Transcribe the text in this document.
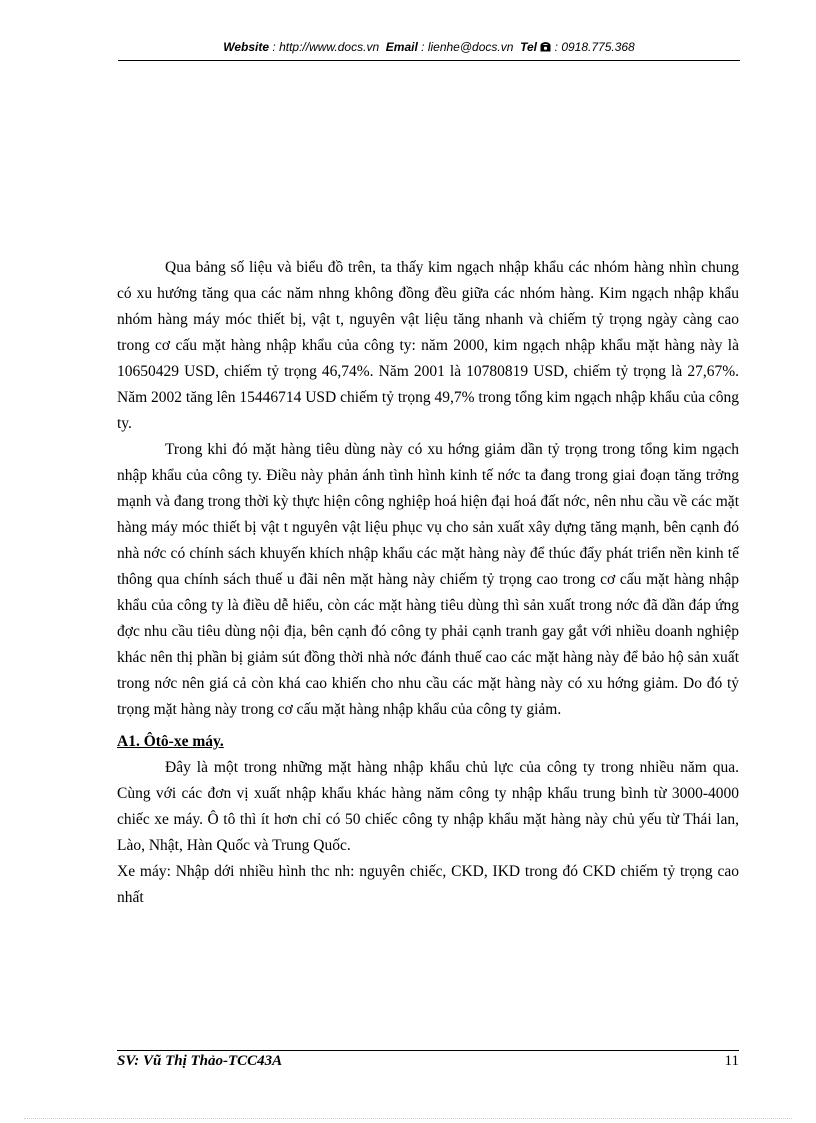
Website : http://www.docs.vn Email : lienhe@docs.vn Tel : 0918.775.368

Qua bảng số liệu và biểu đồ trên, ta thấy kim ngạch nhập khẩu các nhóm hàng nhìn chung có xu hướng tăng qua các năm nhng không đồng đều giữa các nhóm hàng. Kim ngạch nhập khẩu nhóm hàng máy móc thiết bị, vật t, nguyên vật liệu tăng nhanh và chiếm tỷ trọng ngày càng cao trong cơ cấu mặt hàng nhập khẩu của công ty: năm 2000, kim ngạch nhập khẩu mặt hàng này là 10650429 USD, chiếm tỷ trọng 46,74%. Năm 2001 là 10780819 USD, chiếm tỷ trọng là 27,67%. Năm 2002 tăng lên 15446714 USD chiếm tỷ trọng 49,7% trong tổng kim ngạch nhập khẩu của công ty.

Trong khi đó mặt hàng tiêu dùng này có xu hớng giảm dần tỷ trọng trong tổng kim ngạch nhập khẩu của công ty. Điều này phản ánh tình hình kinh tế nớc ta đang trong giai đoạn tăng trởng mạnh và đang trong thời kỳ thực hiện công nghiệp hoá hiện đại hoá đất nớc, nên nhu cầu về các mặt hàng máy móc thiết bị vật t nguyên vật liệu phục vụ cho sản xuất xây dựng tăng mạnh, bên cạnh đó nhà nớc có chính sách khuyến khích nhập khẩu các mặt hàng này để thúc đẩy phát triển nền kinh tế thông qua chính sách thuế u đãi nên mặt hàng này chiếm tỷ trọng cao trong cơ cấu mặt hàng nhập khẩu của công ty là điều dễ hiểu, còn các mặt hàng tiêu dùng thì sản xuất trong nớc đã dần đáp ứng đợc nhu cầu tiêu dùng nội địa, bên cạnh đó công ty phải cạnh tranh gay gắt với nhiều doanh nghiệp khác nên thị phần bị giảm sút đồng thời nhà nớc đánh thuế cao các mặt hàng này để bảo hộ sản xuất trong nớc nên giá cả còn khá cao khiến cho nhu cầu các mặt hàng này có xu hớng giảm. Do đó tỷ trọng mặt hàng này trong cơ cấu mặt hàng nhập khẩu của công ty giảm.

A1. Ôtô-xe máy.

Đây là một trong những mặt hàng nhập khẩu chủ lực của công ty trong nhiều năm qua. Cùng với các đơn vị xuất nhập khẩu khác hàng năm công ty nhập khẩu trung bình từ 3000-4000 chiếc xe máy. Ô tô thì ít hơn chỉ có 50 chiếc công ty nhập khẩu mặt hàng này chủ yếu từ Thái lan, Lào, Nhật, Hàn Quốc và Trung Quốc.

Xe máy: Nhập dới nhiều hình thc nh: nguyên chiếc, CKD, IKD trong đó CKD chiếm tỷ trọng cao nhất

SV: Vũ Thị Thảo-TCC43A	11
